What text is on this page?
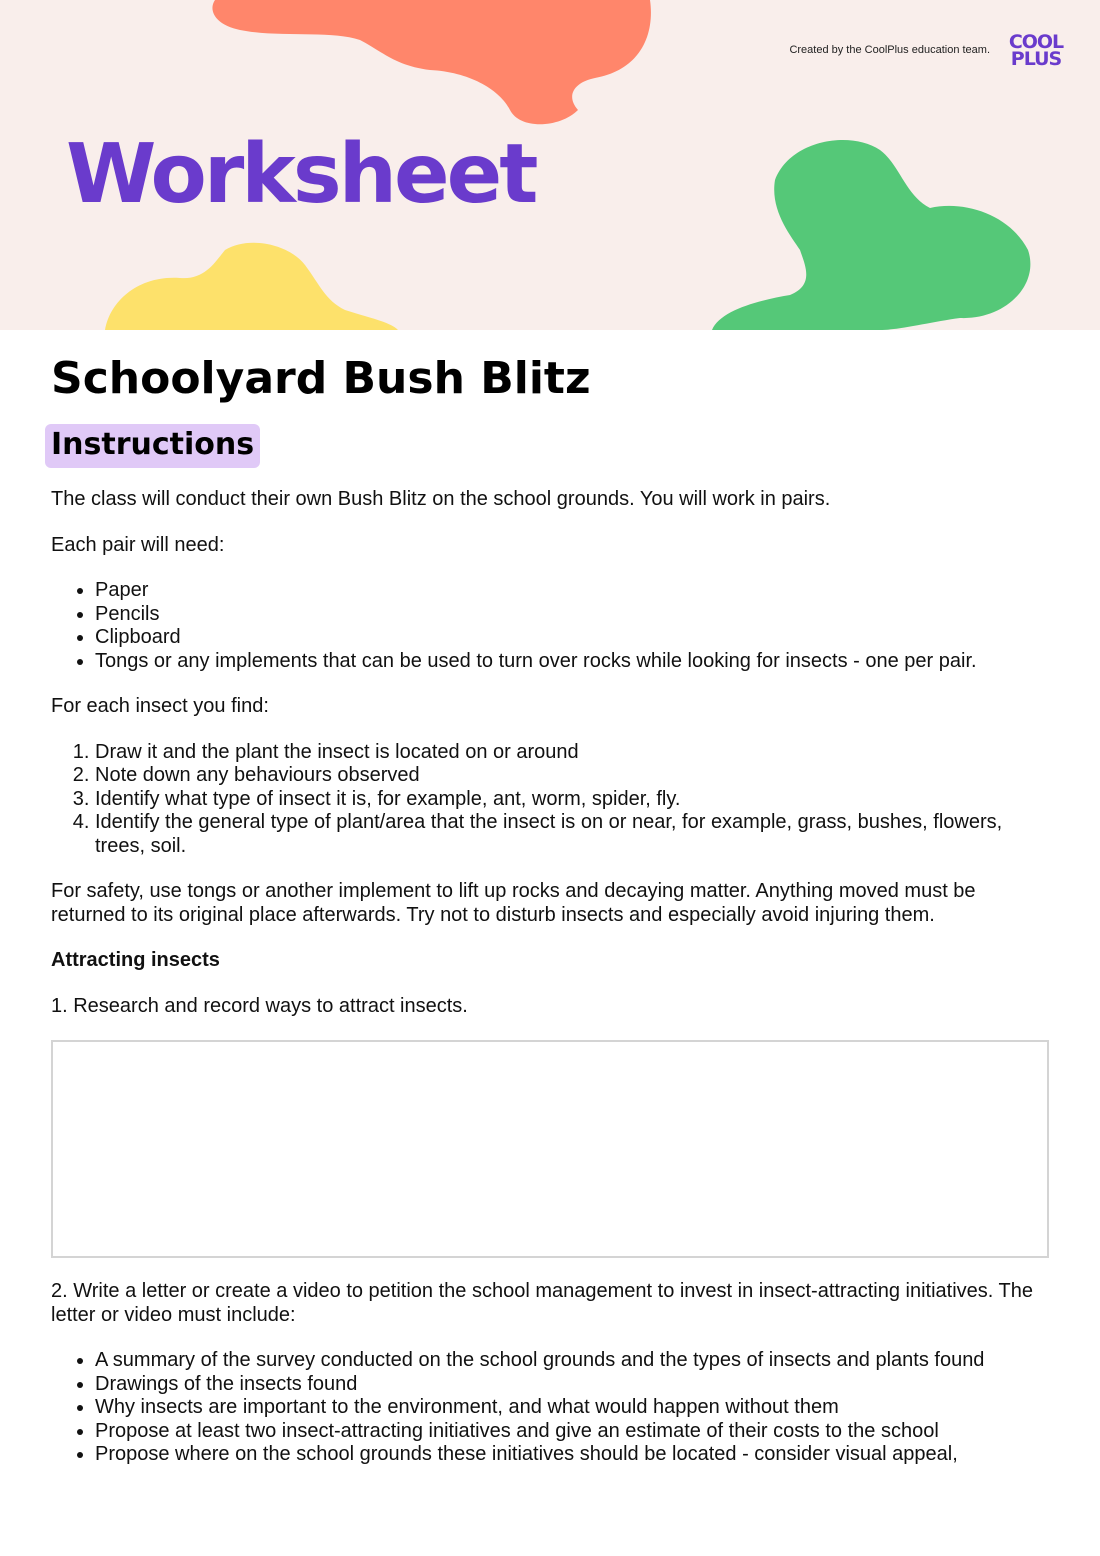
Created by the CoolPlus education team. COOL
PLUS
Worksheet
Schoolyard Bush Blitz
Instructions

The class will conduct their own Bush Blitz on the school grounds. You will work in pairs.

Each pair will need:

• Paper
• Pencils
• Clipboard
• Tongs or any implements that can be used to turn over rocks while looking for insects - one per pair.

For each insect you find:

1. Draw it and the plant the insect is located on or around
2. Note down any behaviours observed
3. Identify what type of insect it is, for example, ant, worm, spider, fly.
4. Identify the general type of plant/area that the insect is on or near, for example, grass, bushes, flowers, trees, soil.

For safety, use tongs or another implement to lift up rocks and decaying matter. Anything moved must be returned to its original place afterwards. Try not to disturb insects and especially avoid injuring them.

Attracting insects

1. Research and record ways to attract insects.

2. Write a letter or create a video to petition the school management to invest in insect-attracting initiatives. The letter or video must include:

• A summary of the survey conducted on the school grounds and the types of insects and plants found
• Drawings of the insects found
• Why insects are important to the environment, and what would happen without them
• Propose at least two insect-attracting initiatives and give an estimate of their costs to the school
• Propose where on the school grounds these initiatives should be located - consider visual appeal,
